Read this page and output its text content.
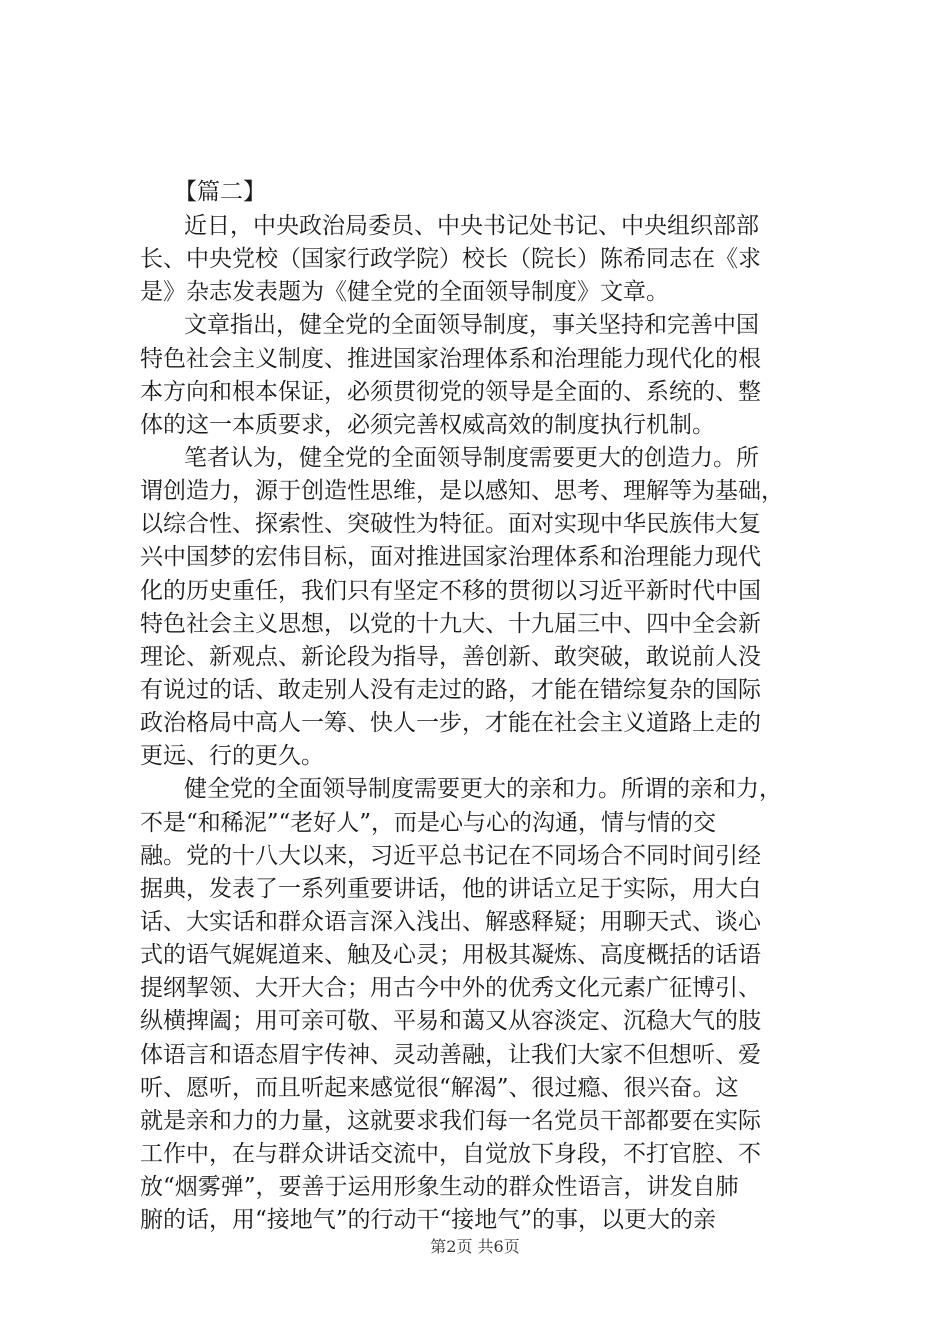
【篇二】
近日，中央政治局委员、中央书记处书记、中央组织部部
长、中央党校（国家行政学院）校长（院长）陈希同志在《求
是》杂志发表题为《健全党的全面领导制度》文章。
文章指出，健全党的全面领导制度，事关坚持和完善中国
特色社会主义制度、推进国家治理体系和治理能力现代化的根
本方向和根本保证，必须贯彻党的领导是全面的、系统的、整
体的这一本质要求，必须完善权威高效的制度执行机制。
笔者认为，健全党的全面领导制度需要更大的创造力。所
谓创造力，源于创造性思维，是以感知、思考、理解等为基础，
以综合性、探索性、突破性为特征。面对实现中华民族伟大复
兴中国梦的宏伟目标，面对推进国家治理体系和治理能力现代
化的历史重任，我们只有坚定不移的贯彻以习近平新时代中国
特色社会主义思想，以党的十九大、十九届三中、四中全会新
理论、新观点、新论段为指导，善创新、敢突破，敢说前人没
有说过的话、敢走别人没有走过的路，才能在错综复杂的国际
政治格局中高人一筹、快人一步，才能在社会主义道路上走的
更远、行的更久。
健全党的全面领导制度需要更大的亲和力。所谓的亲和力，
不是“和稀泥”“老好人”，而是心与心的沟通，情与情的交
融。党的十八大以来，习近平总书记在不同场合不同时间引经
据典，发表了一系列重要讲话，他的讲话立足于实际，用大白
话、大实话和群众语言深入浅出、解惑释疑；用聊天式、谈心
式的语气娓娓道来、触及心灵；用极其凝炼、高度概括的话语
提纲挈领、大开大合；用古今中外的优秀文化元素广征博引、
纵横捭阖；用可亲可敬、平易和蔼又从容淡定、沉稳大气的肢
体语言和语态眉宇传神、灵动善融，让我们大家不但想听、爱
听、愿听，而且听起来感觉很“解渴”、很过瘾、很兴奋。这
就是亲和力的力量，这就要求我们每一名党员干部都要在实际
工作中，在与群众讲话交流中，自觉放下身段，不打官腔、不
放“烟雾弹”，要善于运用形象生动的群众性语言，讲发自肺
腑的话，用“接地气”的行动干“接地气”的事，以更大的亲
第2页 共6页
